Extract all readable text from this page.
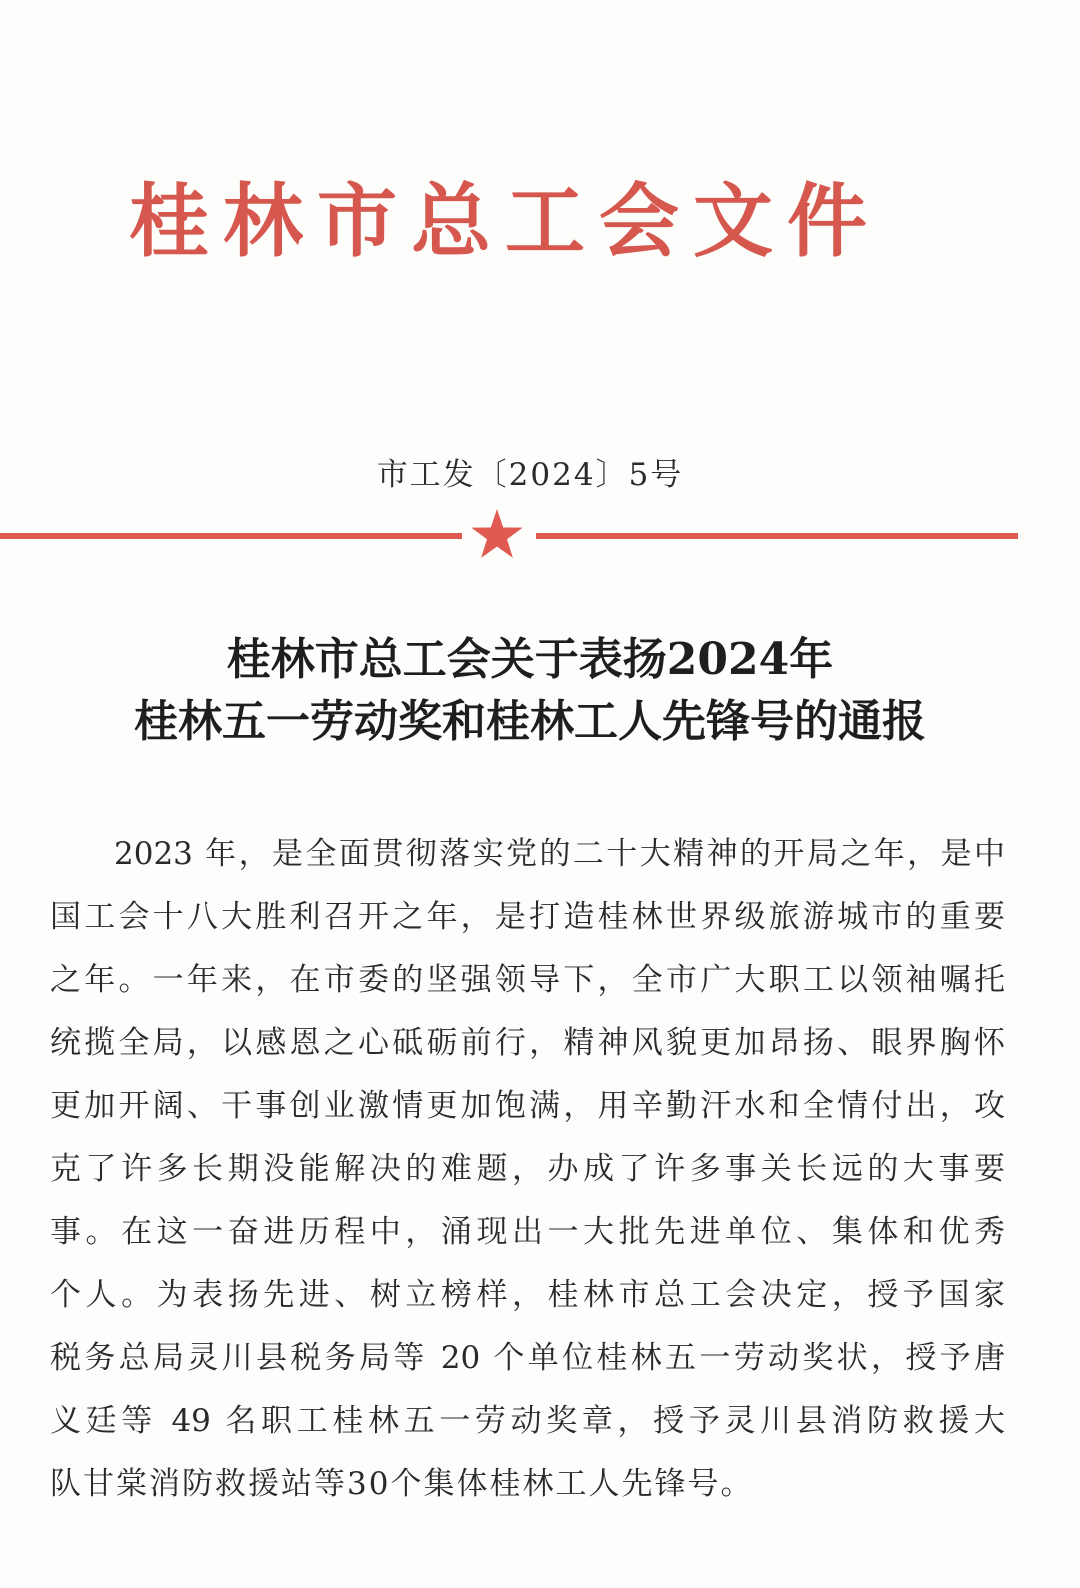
桂林市总工会文件
市工发〔2024〕5号
桂林市总工会关于表扬2024年
桂林五一劳动奖和桂林工人先锋号的通报
2023 年，是全面贯彻落实党的二十大精神的开局之年，是中
国工会十八大胜利召开之年，是打造桂林世界级旅游城市的重要
之年。一年来，在市委的坚强领导下，全市广大职工以领袖嘱托
统揽全局，以感恩之心砥砺前行，精神风貌更加昂扬、眼界胸怀
更加开阔、干事创业激情更加饱满，用辛勤汗水和全情付出，攻
克了许多长期没能解决的难题，办成了许多事关长远的大事要
事。在这一奋进历程中，涌现出一大批先进单位、集体和优秀
个人。为表扬先进、树立榜样，桂林市总工会决定，授予国家
税务总局灵川县税务局等 20 个单位桂林五一劳动奖状，授予唐
义廷等 49 名职工桂林五一劳动奖章，授予灵川县消防救援大
队甘棠消防救援站等30个集体桂林工人先锋号。
